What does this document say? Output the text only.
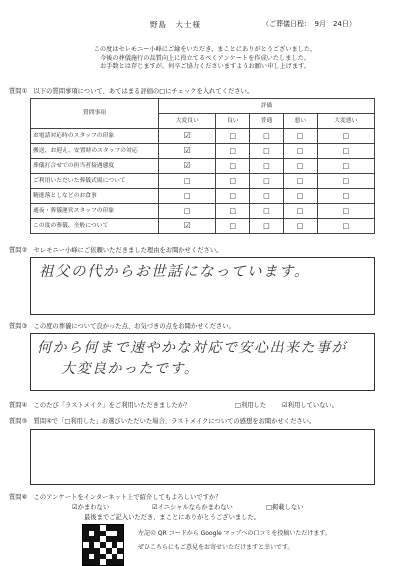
野島　大士様	（ご葬儀日程：　9月　24日）
この度はセレモニー小峰にご縁をいただき、まことにありがとうございました。
今後の葬儀施行の品質向上に役立てるべくアンケートを作成いたしました。
お手数とは存じますが、何卒ご協力くださいますようお願い申し上げます。
質問①　以下の質問事項について、あてはまる評価の□にチェックを入れてください。
質問事項	評価				
	大変良い	良い	普通	悪い	大変悪い
お電話対応時のスタッフの印象	☑	□	□	□	□
搬送、お迎え、安置時のスタッフの対応	☑	□	□	□	□
葬儀打合せでの担当者接遇態度	☑	□	□	□	□
ご利用いただいた葬儀式場について	□	□	□	□	□
精進落としなどのお食事	□	□	□	□	□
通夜・葬儀運営スタッフの印象	□	□	□	□	□
この度の葬儀、全般について	☑	□	□	□	□
質問②　セレモニー小峰にご依頼いただきました理由をお聞かせください。
祖父の代からお世話になっています。
質問③　この度の葬儀について良かった点、お気づきの点をお聞かせください。
何から何まで速やかな対応で安心出来た事が
大変良かったです。
質問④　このたび「ラストメイク」をご利用いただきましたか？	□利用した	☑利用していない。
質問⑤　質問④で「□利用した」お選びいただいた場合、ラストメイクについての感想をお聞かせください。
質問⑥　このアンケートをインターネット上で紹介してもよろしいですか？
☑かまわない	☑イニシャルならかまわない	□掲載しない
最後までご記入いただき、まことにありがとうございました。
左記の QR コードから Google マップへの口コミを投稿いただけます。
ぜひこちらにもご意見をお寄せいただけますと幸いです。
